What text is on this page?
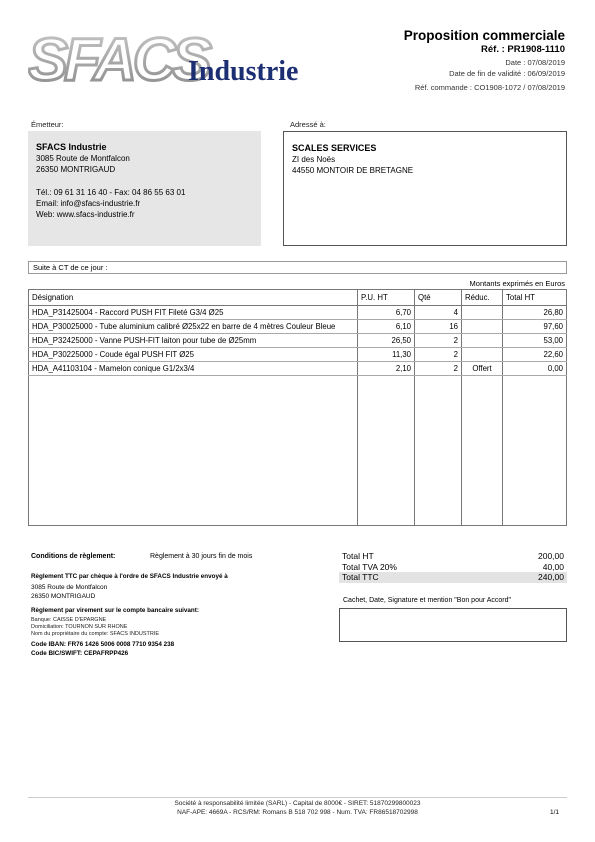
SFACS
Industrie
Proposition commerciale
Réf. : PR1908-1110
Date : 07/08/2019
Date de fin de validité : 06/09/2019
Réf. commande : CO1908-1072 / 07/08/2019
Émetteur:	Adressé à:
SFACS Industrie
3085 Route de Montfalcon
26350 MONTRIGAUD

Tél.: 09 61 31 16 40 - Fax: 04 86 55 63 01
Email: info@sfacs-industrie.fr
Web: www.sfacs-industrie.fr
SCALES SERVICES
ZI des Noës
44550 MONTOIR DE BRETAGNE
Suite à CT de ce jour :
Montants exprimés en Euros
Désignation	P.U. HT	Qté	Réduc.	Total HT
HDA_P31425004 - Raccord PUSH FIT Fileté G3/4 Ø25	6,70	4		26,80
HDA_P30025000 - Tube aluminium calibré Ø25x22 en barre de 4 mètres Couleur Bleue	6,10	16		97,60
HDA_P32425000 - Vanne PUSH-FIT laiton pour tube de Ø25mm	26,50	2		53,00
HDA_P30225000 - Coude égal PUSH FIT Ø25	11,30	2		22,60
HDA_A41103104 - Mamelon conique G1/2x3/4	2,10	2	Offert	0,00

Conditions de règlement:	Règlement à 30 jours fin de mois
Règlement TTC par chèque à l'ordre de SFACS Industrie envoyé à
3085 Route de Montfalcon
26350 MONTRIGAUD
Règlement par virement sur le compte bancaire suivant:
Banque: CAISSE D'EPARGNE
Domiciliation: TOURNON SUR RHONE
Nom du propriétaire du compte: SFACS INDUSTRIE
Code IBAN: FR76 1426 5006 0008 7710 9354 238
Code BIC/SWIFT: CEPAFRPP426
Total HT	200,00
Total TVA 20%	40,00
Total TTC	240,00
Cachet, Date, Signature et mention "Bon pour Accord"
Société à responsabilité limitée (SARL) - Capital de 8000€ - SIRET: 51870299800023
NAF-APE: 4669A - RCS/RM: Romans B 518 702 998 - Num. TVA: FR86518702998	1/1
